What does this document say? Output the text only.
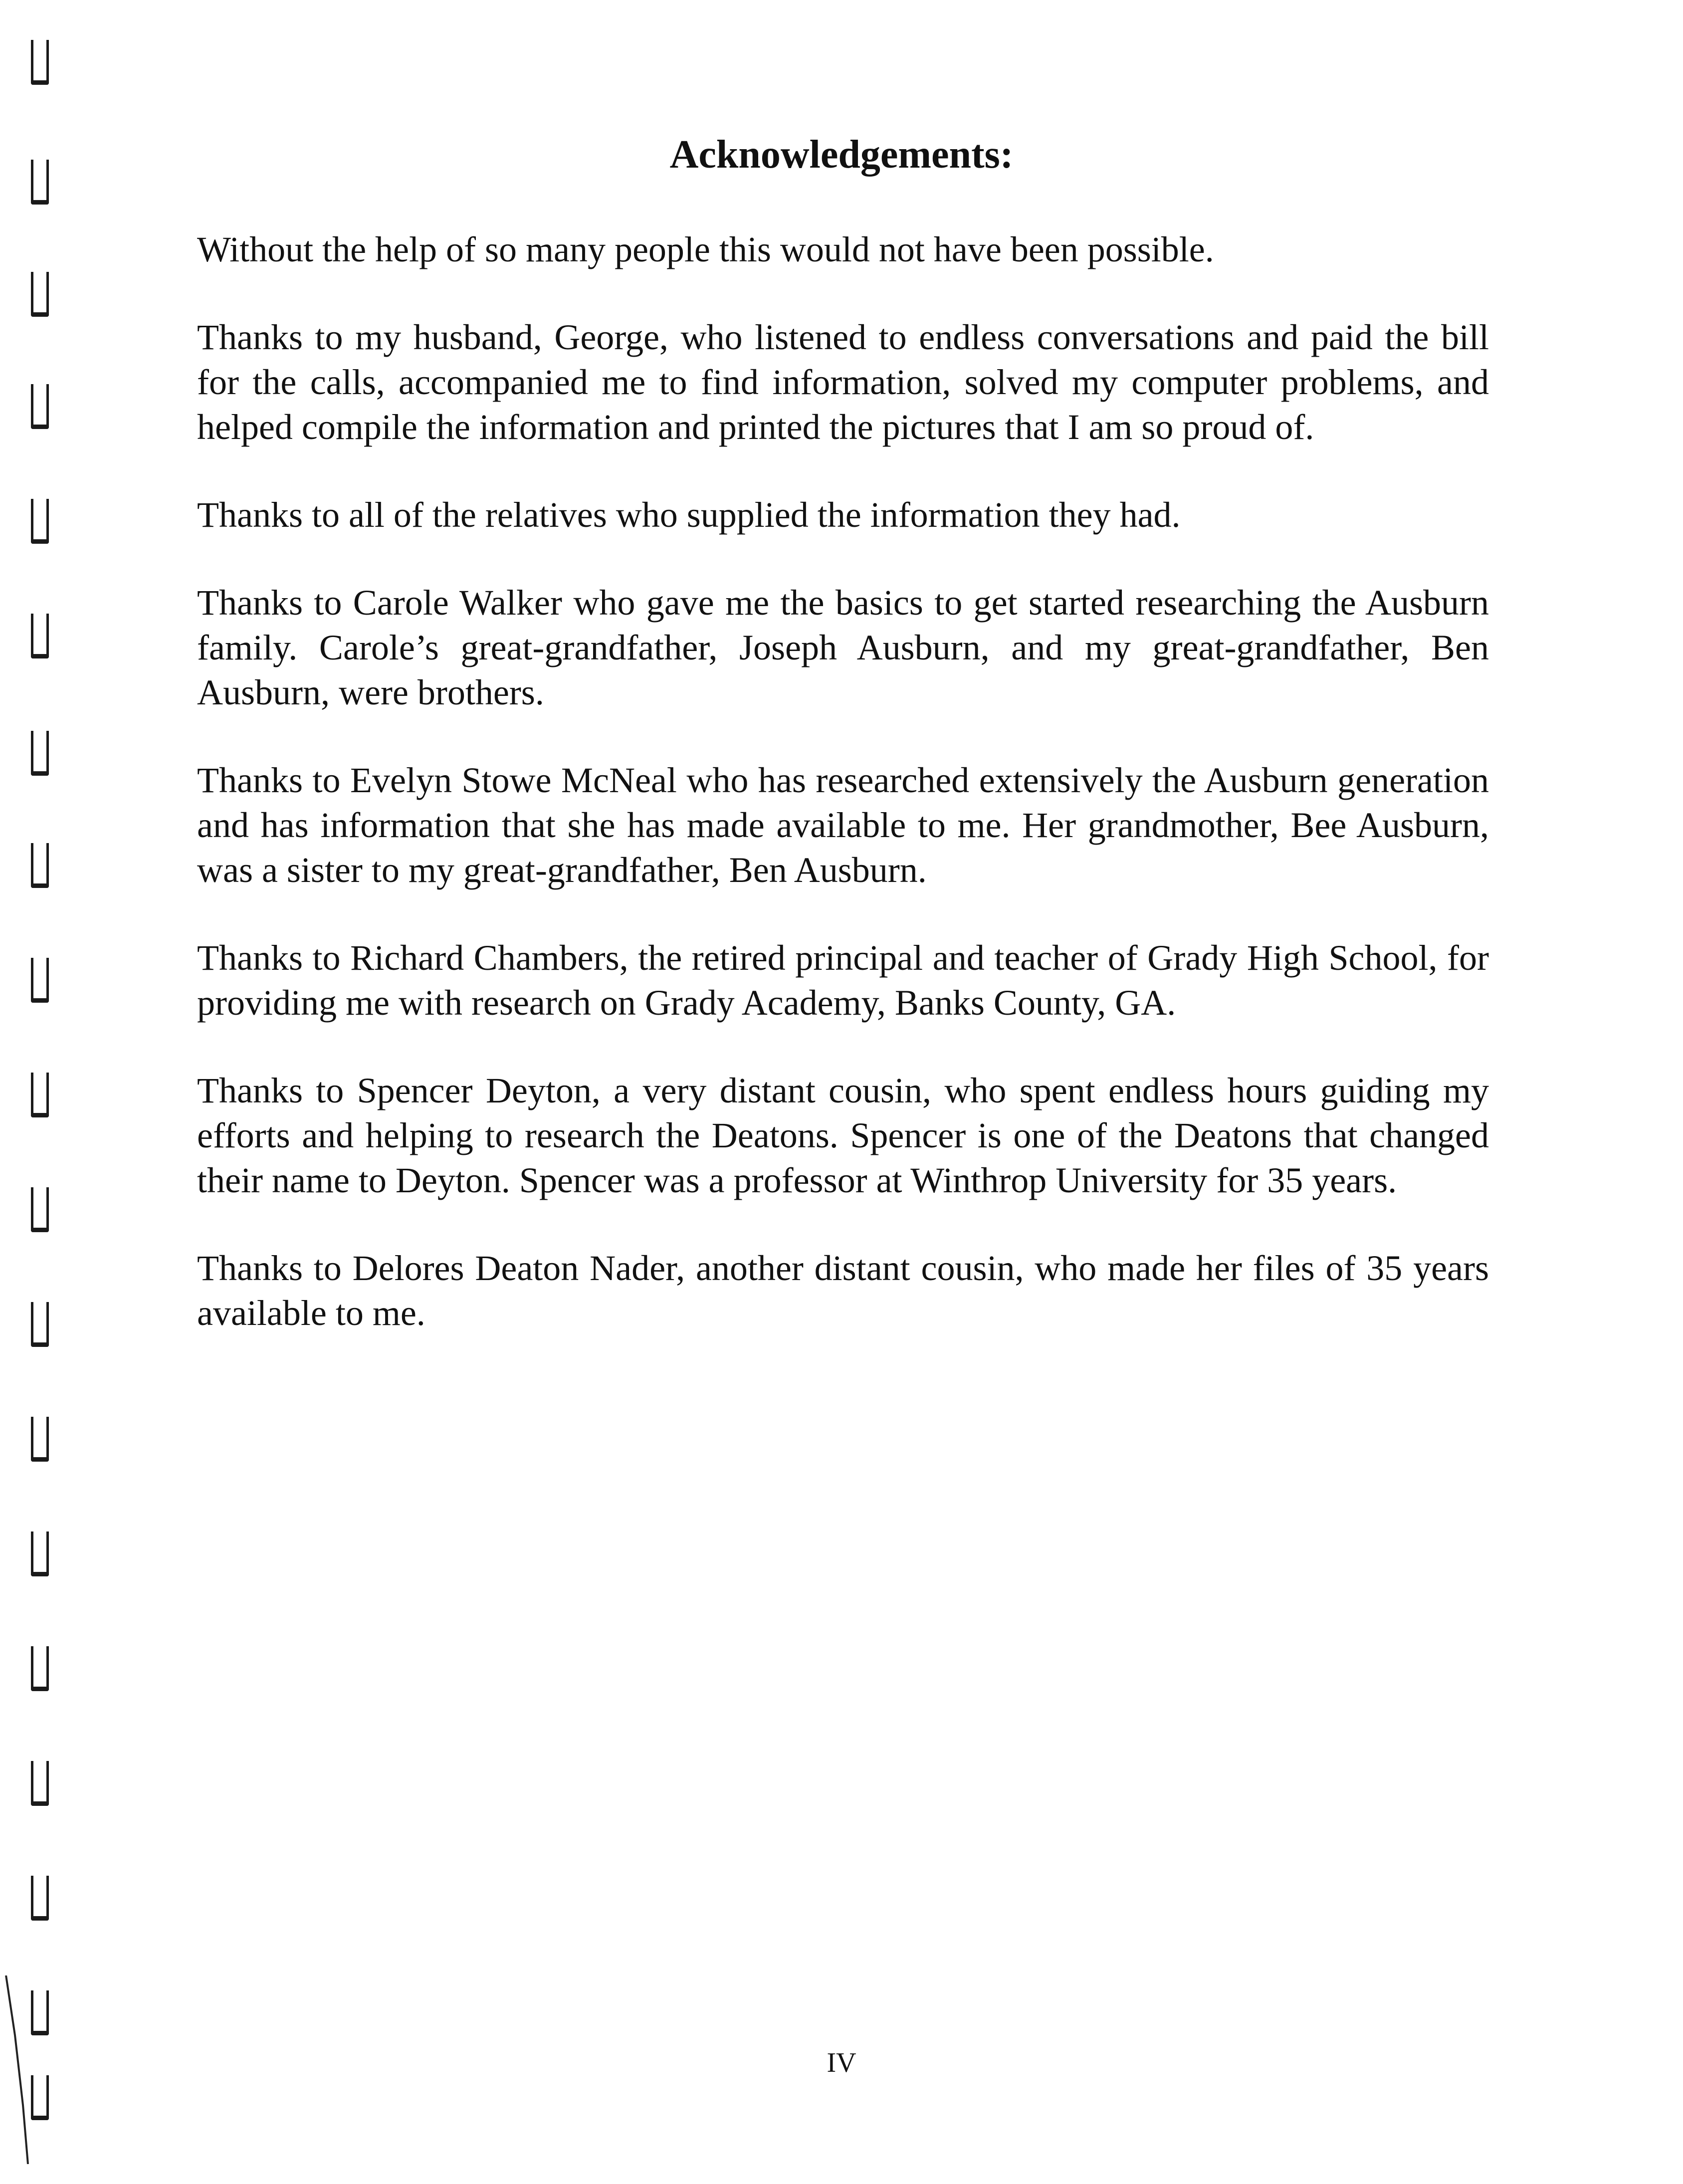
Acknowledgements:

Without the help of so many people this would not have been possible.

Thanks to my husband, George, who listened to endless conversations and paid the bill for the calls, accompanied me to find information, solved my computer problems, and helped compile the information and printed the pictures that I am so proud of.

Thanks to all of the relatives who supplied the information they had.

Thanks to Carole Walker who gave me the basics to get started researching the Ausburn family. Carole’s great-grandfather, Joseph Ausburn, and my great-grandfather, Ben Ausburn, were brothers.

Thanks to Evelyn Stowe McNeal who has researched extensively the Ausburn generation and has information that she has made available to me. Her grandmother, Bee Ausburn, was a sister to my great-grandfather, Ben Ausburn.

Thanks to Richard Chambers, the retired principal and teacher of Grady High School, for providing me with research on Grady Academy, Banks County, GA.

Thanks to Spencer Deyton, a very distant cousin, who spent endless hours guiding my efforts and helping to research the Deatons. Spencer is one of the Deatons that changed their name to Deyton. Spencer was a professor at Winthrop University for 35 years.

Thanks to Delores Deaton Nader, another distant cousin, who made her files of 35 years available to me.

IV
